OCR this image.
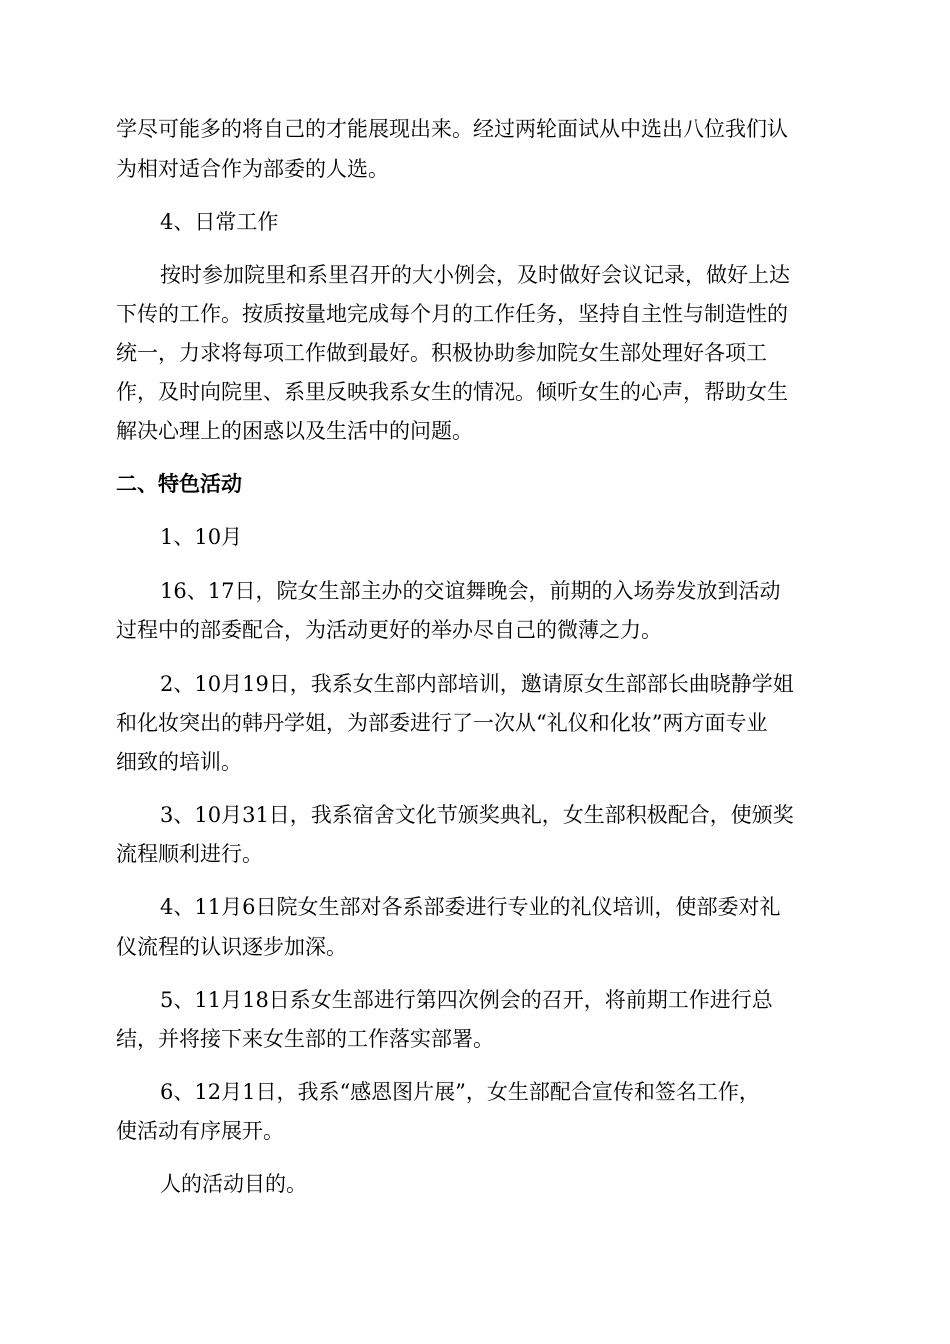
学尽可能多的将自己的才能展现出来。经过两轮面试从中选出八位我们认

为相对适合作为部委的人选。

4、日常工作

按时参加院里和系里召开的大小例会，及时做好会议记录，做好上达

下传的工作。按质按量地完成每个月的工作任务，坚持自主性与制造性的

统一，力求将每项工作做到最好。积极协助参加院女生部处理好各项工

作，及时向院里、系里反映我系女生的情况。倾听女生的心声，帮助女生

解决心理上的困惑以及生活中的问题。

二、特色活动

1、10月

16、17日，院女生部主办的交谊舞晚会，前期的入场券发放到活动

过程中的部委配合，为活动更好的举办尽自己的微薄之力。

2、10月19日，我系女生部内部培训，邀请原女生部部长曲晓静学姐

和化妆突出的韩丹学姐，为部委进行了一次从“礼仪和化妆”两方面专业

细致的培训。

3、10月31日，我系宿舍文化节颁奖典礼，女生部积极配合，使颁奖

流程顺利进行。

4、11月6日院女生部对各系部委进行专业的礼仪培训，使部委对礼

仪流程的认识逐步加深。

5、11月18日系女生部进行第四次例会的召开，将前期工作进行总

结，并将接下来女生部的工作落实部署。

6、12月1日，我系“感恩图片展”，女生部配合宣传和签名工作，

使活动有序展开。

人的活动目的。
